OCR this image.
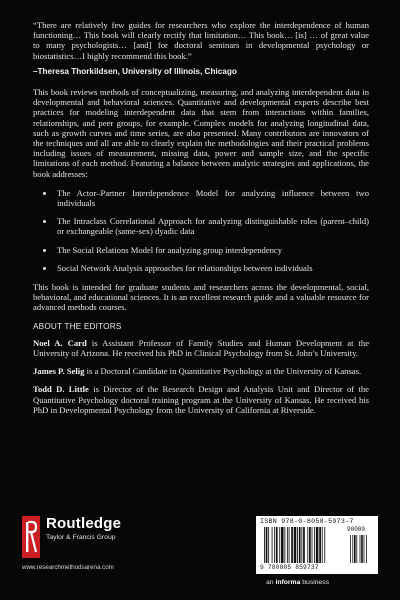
“There are relatively few guides for researchers who explore the interdependence of human functioning… This book will clearly rectify that limitation… This book… [is] … of great value to many psychologists… [and] for doctoral seminars in developmental psychology or biostatistics…I highly recommend this book.”

–Theresa Thorkildsen, University of Illinois, Chicago

This book reviews methods of conceptualizing, measuring, and analyzing interdependent data in developmental and behavioral sciences. Quantitative and developmental experts describe best practices for modeling interdependent data that stem from interactions within families, relationships, and peer groups, for example. Complex models for analyzing longitudinal data, such as growth curves and time series, are also presented. Many contributors are innovators of the techniques and all are able to clearly explain the methodologies and their practical problems including issues of measurement, missing data, power and sample size, and the specific limitations of each method. Featuring a balance between analytic strategies and applications, the book addresses:

• The Actor–Partner Interdependence Model for analyzing influence between two individuals
• The Intraclass Correlational Approach for analyzing distinguishable roles (parent–child) or exchangeable (same-sex) dyadic data
• The Social Relations Model for analyzing group interdependency
• Social Network Analysis approaches for relationships between individuals

This book is intended for graduate students and researchers across the developmental, social, behavioral, and educational sciences. It is an excellent research guide and a valuable resource for advanced methods courses.

ABOUT THE EDITORS

Noel A. Card is Assistant Professor of Family Studies and Human Development at the University of Arizona. He received his PhD in Clinical Psychology from St. John’s University.

James P. Selig is a Doctoral Candidate in Quantitative Psychology at the University of Kansas.

Todd D. Little is Director of the Research Design and Analysis Unit and Director of the Quantitative Psychology doctoral training program at the University of Kansas. He received his PhD in Developmental Psychology from the University of California at Riverside.

Routledge
Taylor & Francis Group
www.researchmethodsarena.com
ISBN 978-0-8058-5973-7
9 780805 859737
90000
an informa business
